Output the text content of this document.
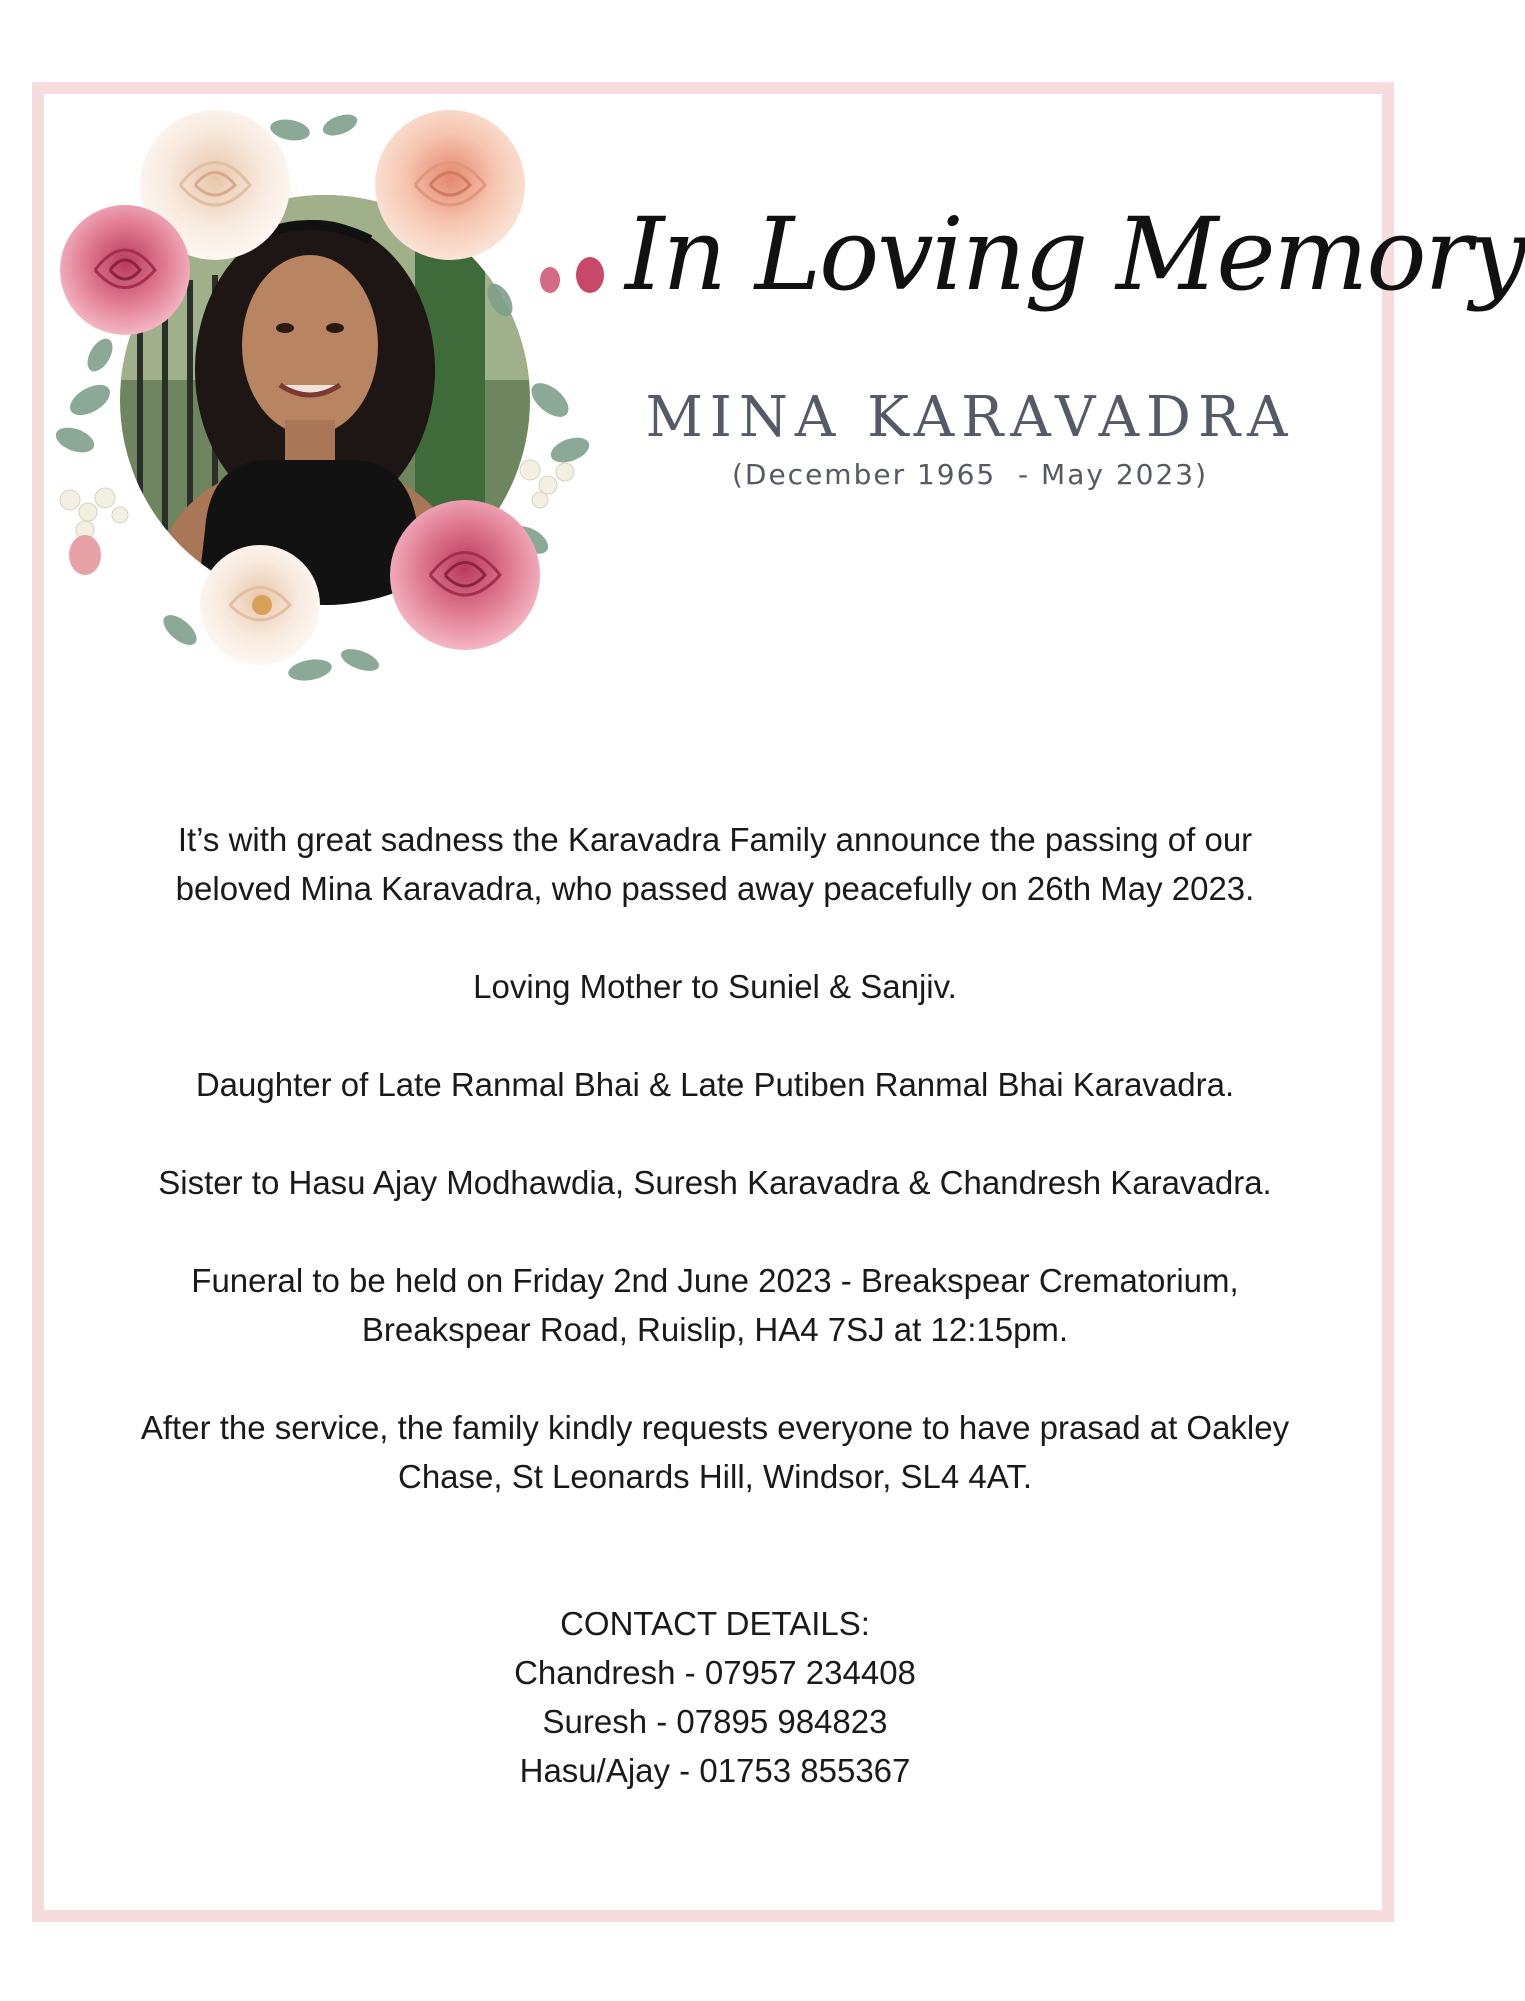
In Loving Memory
MINA KARAVADRA
(December 1965  - May 2023)
It’s with great sadness the Karavadra Family announce the passing of our
beloved Mina Karavadra, who passed away peacefully on 26th May 2023.
Loving Mother to Suniel & Sanjiv.
Daughter of Late Ranmal Bhai & Late Putiben Ranmal Bhai Karavadra.
Sister to Hasu Ajay Modhawdia, Suresh Karavadra & Chandresh Karavadra.
Funeral to be held on Friday 2nd June 2023 - Breakspear Crematorium,
Breakspear Road, Ruislip, HA4 7SJ at 12:15pm.
After the service, the family kindly requests everyone to have prasad at Oakley
Chase, St Leonards Hill, Windsor, SL4 4AT.
CONTACT DETAILS:
Chandresh - 07957 234408
Suresh - 07895 984823
Hasu/Ajay - 01753 855367
